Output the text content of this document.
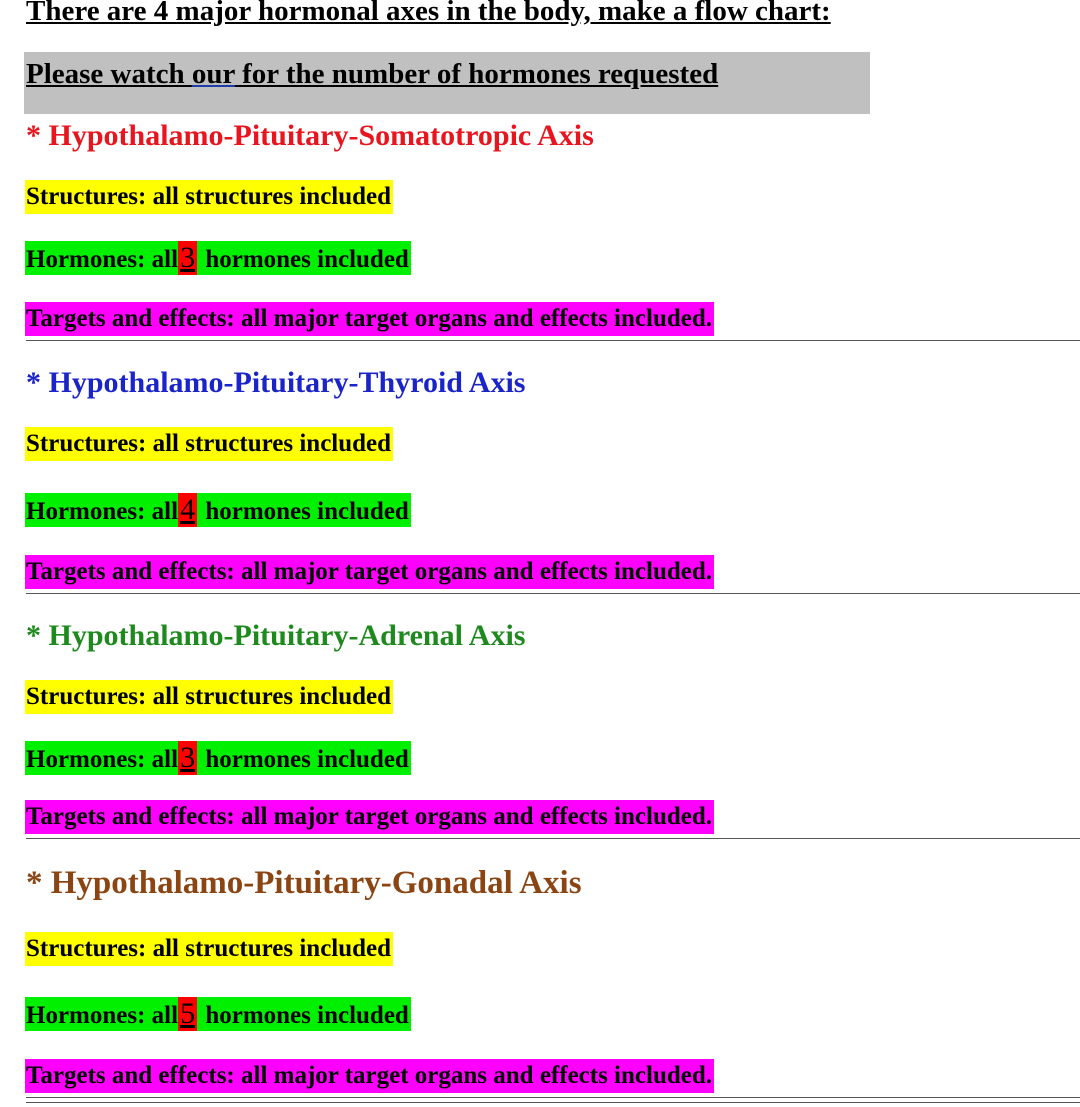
There are 4 major hormonal axes in the body, make a flow chart:
Please watch our for the number of hormones requested
* Hypothalamo-Pituitary-Somatotropic Axis
Structures: all structures included
Hormones: all3 hormones included
Targets and effects: all major target organs and effects included.
* Hypothalamo-Pituitary-Thyroid Axis
Structures: all structures included
Hormones: all4 hormones included
Targets and effects: all major target organs and effects included.
* Hypothalamo-Pituitary-Adrenal Axis
Structures: all structures included
Hormones: all3 hormones included
Targets and effects: all major target organs and effects included.
* Hypothalamo-Pituitary-Gonadal Axis
Structures: all structures included
Hormones: all5 hormones included
Targets and effects: all major target organs and effects included.
